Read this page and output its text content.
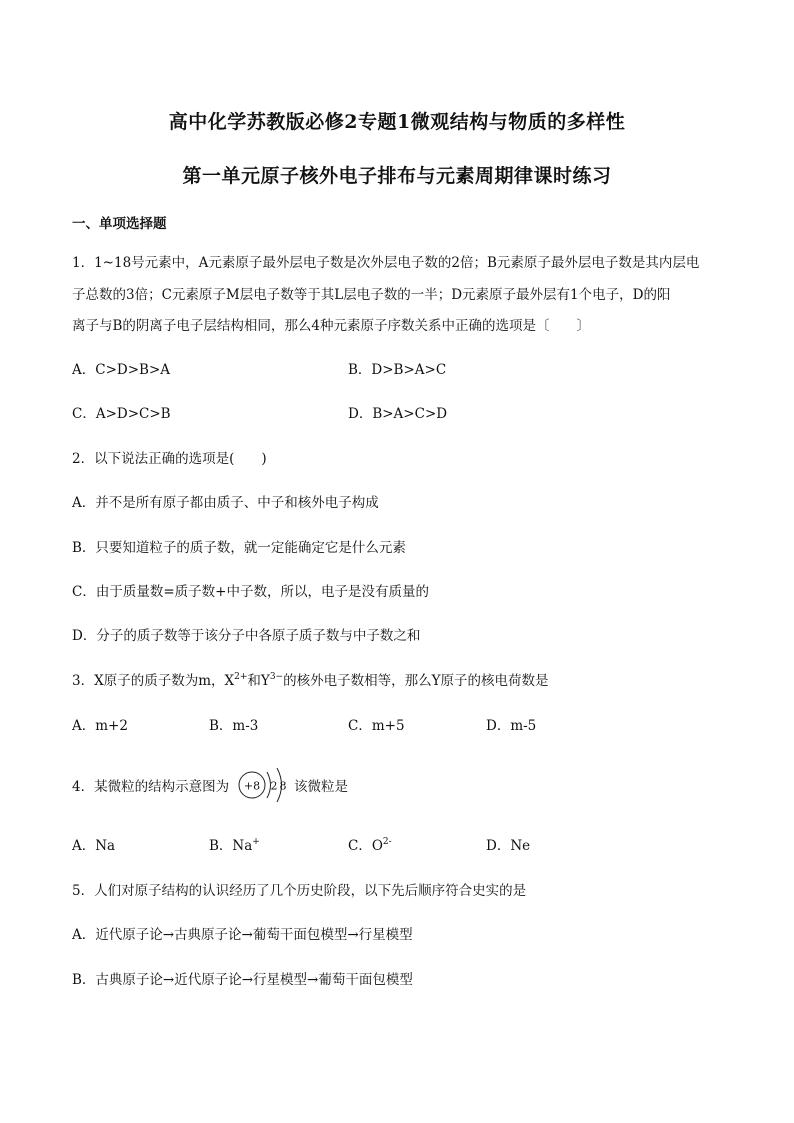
高中化学苏教版必修2专题1微观结构与物质的多样性
第一单元原子核外电子排布与元素周期律课时练习
一、单项选择题
1．1~18号元素中，A元素原子最外层电子数是次外层电子数的2倍；B元素原子最外层电子数是其内层电
子总数的3倍；C元素原子M层电子数等于其L层电子数的一半；D元素原子最外层有1个电子，D的阳
离子与B的阴离子电子层结构相同，那么4种元素原子序数关系中正确的选项是〔　　〕
A．C>D>B>A	B．D>B>A>C
C．A>D>C>B	D．B>A>C>D
2．以下说法正确的选项是(　　)
A．并不是所有原子都由质子、中子和核外电子构成
B．只要知道粒子的质子数，就一定能确定它是什么元素
C．由于质量数=质子数+中子数，所以，电子是没有质量的
D．分子的质子数等于该分子中各原子质子数与中子数之和
3．X原子的质子数为m，$X^{2+}$和$Y^{3-}$的核外电子数相等，那么Y原子的核电荷数是
A．m+2	B．m-3	C．m+5	D．m-5
4．某微粒的结构示意图为 +8 2 8 该微粒是
A．Na	B．Na+	C．$O^{2-}$	D．Ne
5．人们对原子结构的认识经历了几个历史阶段，以下先后顺序符合史实的是
A．近代原子论→古典原子论→葡萄干面包模型→行星模型
B．古典原子论→近代原子论→行星模型→葡萄干面包模型
